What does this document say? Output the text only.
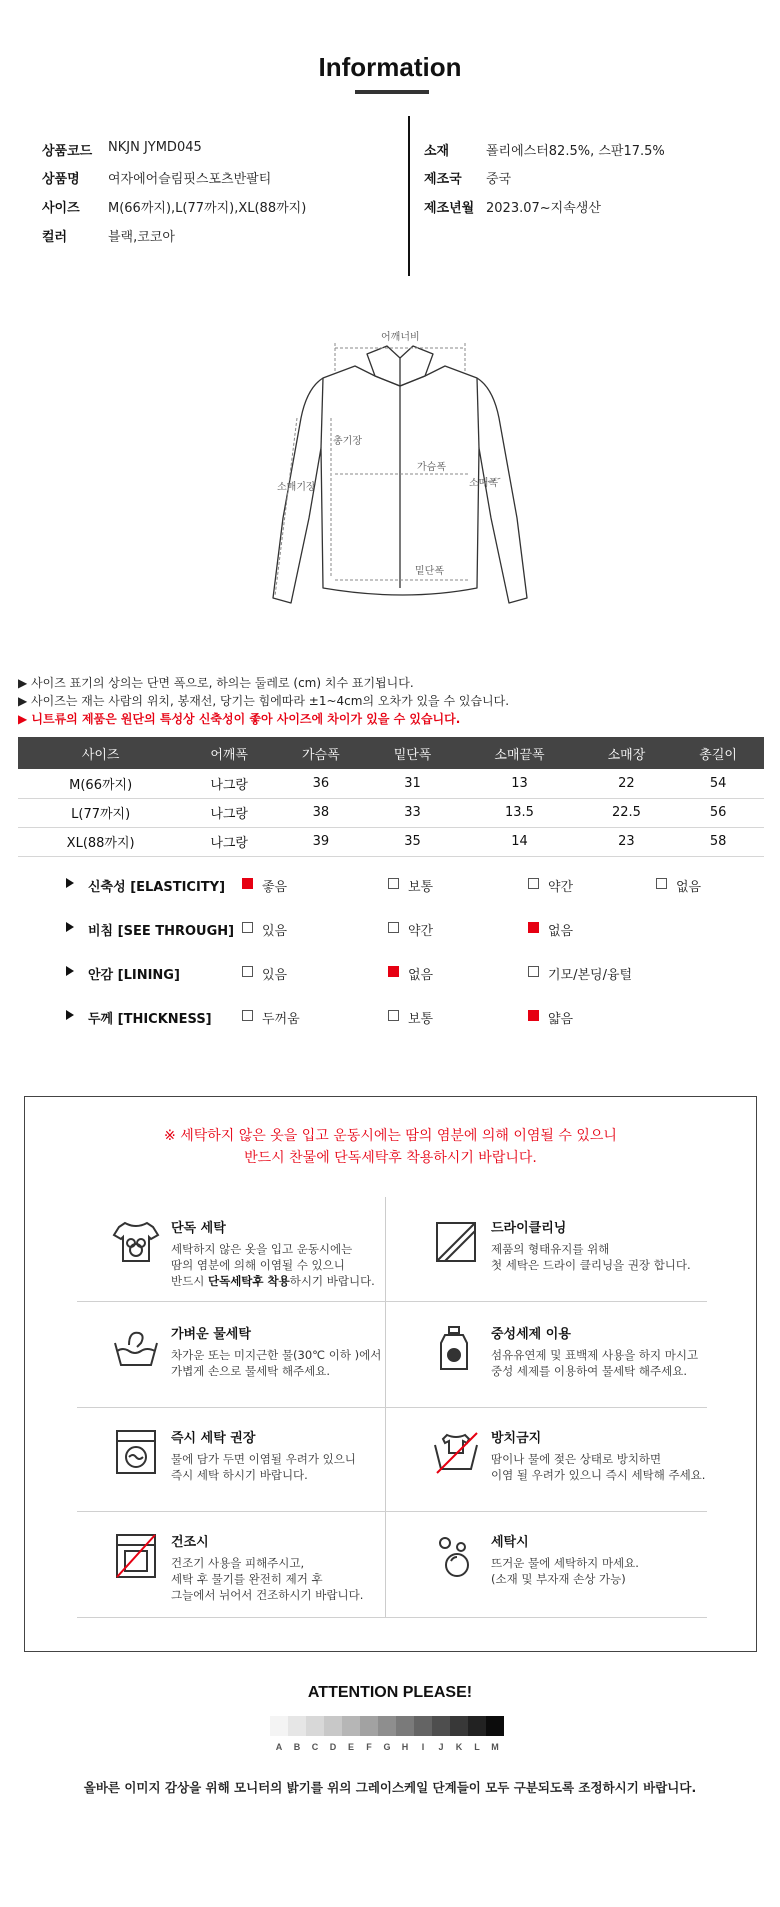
Information
어깨너비
총기장
가슴폭
소매폭
소매기장
밑단폭
▶ 사이즈 표기의 상의는 단면 폭으로, 하의는 둘레로 (cm) 치수 표기됩니다.
▶ 사이즈는 재는 사람의 위치, 봉재선, 당기는 힘에따라 ±1~4cm의 오차가 있을 수 있습니다.
▶ 니트류의 제품은 원단의 특성상 신축성이 좋아 사이즈에 차이가 있을 수 있습니다.
사이즈	어깨폭	가슴폭	밑단폭	소매끝폭	소매장	총길이
M(66까지)	나그랑	36	31	13	22	54
L(77까지)	나그랑	38	33	13.5	22.5	56
XL(88까지)	나그랑	39	35	14	23	58
신축성 [ELASTICITY]	좋음	보통	약간	없음
비침 [SEE THROUGH] 있음	약간	없음
안감 [LINING]	있음	없음	기모/본딩/융털
두께 [THICKNESS]	두꺼움	보통	얇음
※ 세탁하지 않은 옷을 입고 운동시에는 땀의 염분에 의해 이염될 수 있으니
반드시 찬물에 단독세탁후 착용하시기 바랍니다.
단독 세탁
세탁하지 않은 옷을 입고 운동시에는
땀의 염분에 의해 이염될 수 있으니
반드시 단독세탁후 착용하시기 바랍니다.
드라이클리닝
제품의 형태유지를 위해
첫 세탁은 드라이 클리닝을 권장 합니다.
가벼운 물세탁
차가운 또는 미지근한 물(30℃ 이하 )에서
가볍게 손으로 물세탁 해주세요.
중성세제 이용
섬유유연제 및 표백제 사용을 하지 마시고
중성 세제를 이용하여 물세탁 해주세요.
즉시 세탁 권장
물에 담가 두면 이염될 우려가 있으니
즉시 세탁 하시기 바랍니다.
방치금지
땀이나 물에 젖은 상태로 방치하면
이염 될 우려가 있으니 즉시 세탁해 주세요.
건조시
건조기 사용을 피해주시고,
세탁 후 물기를 완전히 제거 후
그늘에서 뉘어서 건조하시기 바랍니다.
세탁시
뜨거운 물에 세탁하지 마세요.
(소재 및 부자재 손상 가능)
ATTENTION PLEASE!
A	B	C	D	E	F	G	H	I	J	K	L	M
올바른 이미지 감상을 위해 모니터의 밝기를 위의 그레이스케일 단계들이 모두 구분되도록 조정하시기 바랍니다.
상품코드 NKJN JYMD045
상품명 여자에어슬림핏스포츠반팔티
사이즈 M(66까지),L(77까지),XL(88까지)
컬러	블랙,코코아
소재	폴리에스터82.5%, 스판17.5%
제조국 중국
제조년월 2023.07~지속생산
